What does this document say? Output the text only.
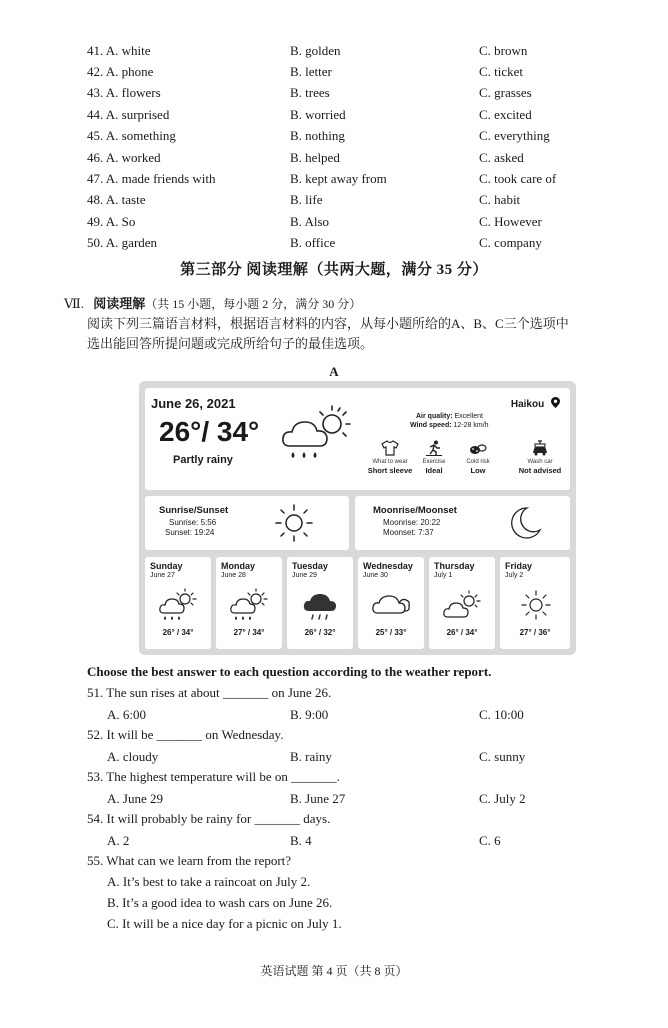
41. A. white	B. golden	C. brown
42. A. phone	B. letter	C. ticket
43. A. flowers	B. trees	C. grasses
44. A. surprised	B. worried	C. excited
45. A. something	B. nothing	C. everything
46. A. worked	B. helped	C. asked
47. A. made friends with	B. kept away from	C. took care of
48. A. taste	B. life	C. habit
49. A. So	B. Also	C. However
50. A. garden	B. office	C. company
第三部分 阅读理解（共两大题，满分 35 分）
Ⅶ. 阅读理解（共 15 小题，每小题 2 分，满分 30 分）
阅读下列三篇语言材料，根据语言材料的内容，从每小题所给的A、B、C三个选项中
选出能回答所提问题或完成所给句子的最佳选项。
A
June 26, 2021
26°/ 34°
Partly rainy
Haikou
Air quality: Excellent
Wind speed: 12-28 km/h
What to wear
Short sleeve
Exercise
Ideal
Cold risk
Low
Wash car
Not advised
Sunrise/Sunset
Sunrise: 5:56
Sunset: 19:24
Moonrise/Moonset
Moonrise: 20:22
Moonset: 7:37
Sunday
June 27
26° / 34°
Monday
June 28
27° / 34°
Tuesday
June 29
26° / 32°
Wednesday
June 30
25° / 33°
Thursday
July 1
26° / 34°
Friday
July 2
27° / 36°
Choose the best answer to each question according to the weather report.
51. The sun rises at about _______ on June 26.
A. 6:00	B. 9:00	C. 10:00
52. It will be _______ on Wednesday.
A. cloudy	B. rainy	C. sunny
53. The highest temperature will be on _______.
A. June 29	B. June 27	C. July 2
54. It will probably be rainy for _______ days.
A. 2	B. 4	C. 6
55. What can we learn from the report?
A. It’s best to take a raincoat on July 2.
B. It’s a good idea to wash cars on June 26.
C. It will be a nice day for a picnic on July 1.
英语试题 第 4 页（共 8 页）
